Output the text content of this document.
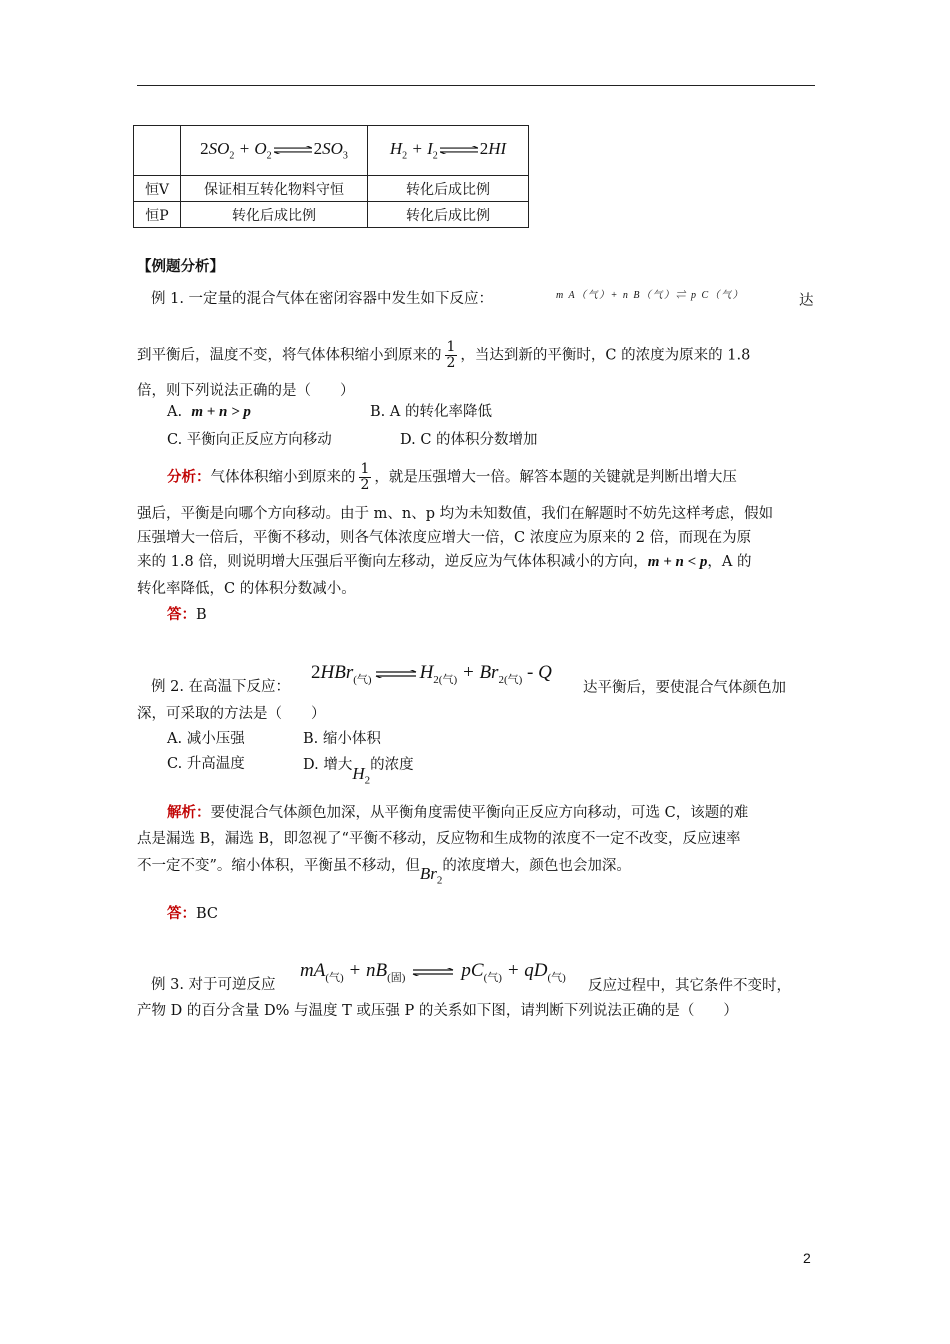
	$2SO_2 + O_2$ ⇌ $2SO_3$	$H_2 + I_2$ ⇌ 2HI
恒V	保证相互转化物料守恒	转化后成比例
恒P	转化后成比例	转化后成比例
【例题分析】
例 1. 一定量的混合气体在密闭容器中发生如下反应：	m A（气）+ n B（气）⇌ p C（气）	达
到平衡后，温度不变，将气体体积缩小到原来的 $\frac{1}{2}$ ，当达到新的平衡时，C 的浓度为原来的 1.8
倍，则下列说法正确的是（　　）
A. m + n > p	B. A 的转化率降低
C. 平衡向正反应方向移动	D. C 的体积分数增加
分析：气体体积缩小到原来的 $\frac{1}{2}$ ，就是压强增大一倍。解答本题的关键就是判断出增大压
强后，平衡是向哪个方向移动。由于 m、n、p 均为未知数值，我们在解题时不妨先这样考虑，假如
压强增大一倍后，平衡不移动，则各气体浓度应增大一倍，C 浓度应为原来的 2 倍，而现在为原
来的 1.8 倍，则说明增大压强后平衡向左移动，逆反应为气体体积减小的方向，m + n < p，A 的
转化率降低，C 的体积分数减小。
答：B
例 2. 在高温下反应：
2HBr$_{(气)}$ ⇌ $H_{2(气)} + Br_{2(气)} - Q$
达平衡后，要使混合气体颜色加
深，可采取的方法是（　　）
A. 减小压强	B. 缩小体积
C. 升高温度	D. 增大$H_2$的浓度
解析：要使混合气体颜色加深，从平衡角度需使平衡向正反应方向移动，可选 C，该题的难
点是漏选 B，漏选 B，即忽视了“平衡不移动，反应物和生成物的浓度不一定不改变，反应速率
不一定不变”。缩小体积，平衡虽不移动，但$Br_2$的浓度增大，颜色也会加深。
答：BC
例 3. 对于可逆反应
$mA_{(气)} + nB_{(固)}$ ⇌ $pC_{(气)} + qD_{(气)}$
反应过程中，其它条件不变时，
产物 D 的百分含量 D% 与温度 T 或压强 P 的关系如下图，请判断下列说法正确的是（　　）
2
